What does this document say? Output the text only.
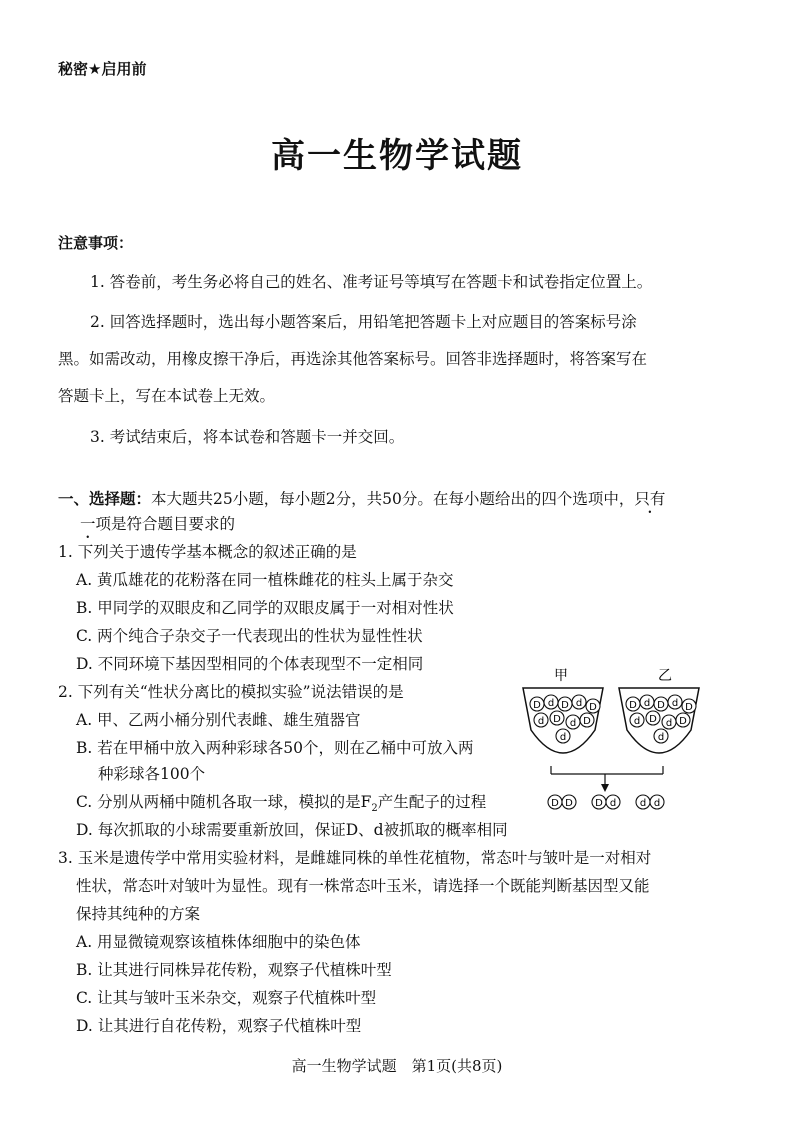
秘密★启用前
高一生物学试题
注意事项：
1. 答卷前，考生务必将自己的姓名、准考证号等填写在答题卡和试卷指定位置上。
2. 回答选择题时，选出每小题答案后，用铅笔把答题卡上对应题目的答案标号涂
黑。如需改动，用橡皮擦干净后，再选涂其他答案标号。回答非选择题时，将答案写在
答题卡上，写在本试卷上无效。
3. 考试结束后，将本试卷和答题卡一并交回。
一、选择题：本大题共25小题，每小题2分，共50分。在每小题给出的四个选项中，只有
一项是符合题目要求的
1. 下列关于遗传学基本概念的叙述正确的是
A. 黄瓜雄花的花粉落在同一植株雌花的柱头上属于杂交
B. 甲同学的双眼皮和乙同学的双眼皮属于一对相对性状
C. 两个纯合子杂交子一代表现出的性状为显性性状
D. 不同环境下基因型相同的个体表现型不一定相同
2. 下列有关“性状分离比的模拟实验”说法错误的是
A. 甲、乙两小桶分别代表雌、雄生殖器官
B. 若在甲桶中放入两种彩球各50个，则在乙桶中可放入两
种彩球各100个
C. 分别从两桶中随机各取一球，模拟的是$F_2$产生配子的过程
D. 每次抓取的小球需要重新放回，保证D、d被抓取的概率相同
甲	乙
D d D d D
d D d D
d
D d D d D
d D d D
d
D D D d d d
3. 玉米是遗传学中常用实验材料，是雌雄同株的单性花植物，常态叶与皱叶是一对相对
性状，常态叶对皱叶为显性。现有一株常态叶玉米，请选择一个既能判断基因型又能
保持其纯种的方案
A. 用显微镜观察该植株体细胞中的染色体
B. 让其进行同株异花传粉，观察子代植株叶型
C. 让其与皱叶玉米杂交，观察子代植株叶型
D. 让其进行自花传粉，观察子代植株叶型
高一生物学试题　第1页(共8页)
